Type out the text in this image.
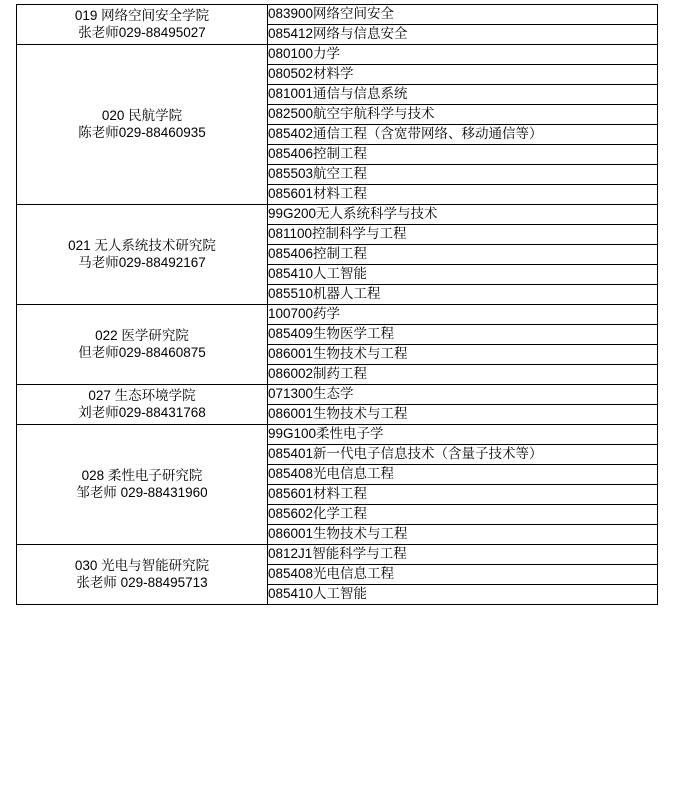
019 网络空间安全学院
张老师029-88495027	083900网络空间安全

	085412网络与信息安全

020 民航学院
陈老师029-88460935	080100力学

	080502材料学

	081001通信与信息系统

	082500航空宇航科学与技术

	085402通信工程（含宽带网络、移动通信等）

	085406控制工程

	085503航空工程

	085601材料工程

021 无人系统技术研究院
马老师029-88492167	99G200无人系统科学与技术

	081100控制科学与工程

	085406控制工程

	085410人工智能

	085510机器人工程

022 医学研究院
但老师029-88460875	100700药学

	085409生物医学工程

	086001生物技术与工程

	086002制药工程

027 生态环境学院
刘老师029-88431768	071300生态学

	086001生物技术与工程

028 柔性电子研究院
邹老师 029-88431960	99G100柔性电子学

	085401新一代电子信息技术（含量子技术等）

	085408光电信息工程

	085601材料工程

	085602化学工程

	086001生物技术与工程

030 光电与智能研究院
张老师 029-88495713	0812J1智能科学与工程

	085408光电信息工程

	085410人工智能
